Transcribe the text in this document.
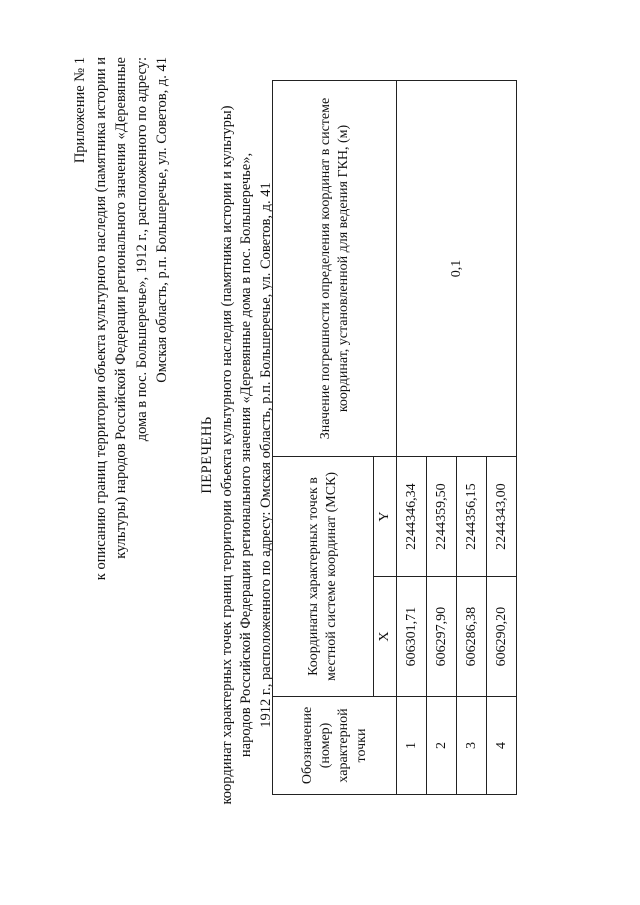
Приложение № 1 к описанию границ территории объекта культурного наследия (памятника истории и культуры) народов Российской Федерации регионального значения «Деревянные дома в пос. Большеречье», 1912 г., расположенного по адресу: Омская область, р.п. Большеречье, ул. Советов, д. 41
ПЕРЕЧЕНЬ координат характерных точек границ территории объекта культурного наследия (памятника истории и культуры) народов Российской Федерации регионального значения «Деревянные дома в пос. Большеречье», 1912 г., расположенного по адресу: Омская область, р.п. Большеречье, ул. Советов, д. 41
Обозначение (номер) характерной точки	Координаты характерных точек в местной системе координат (МСК)		Значение погрешности определения координат в системе координат, установленной для ведения ГКН, (м)
	X	Y	
1	606301,71	2244346,34	0,1
2	606297,90	2244359,50	
3	606286,38	2244356,15	
4	606290,20	2244343,00	
